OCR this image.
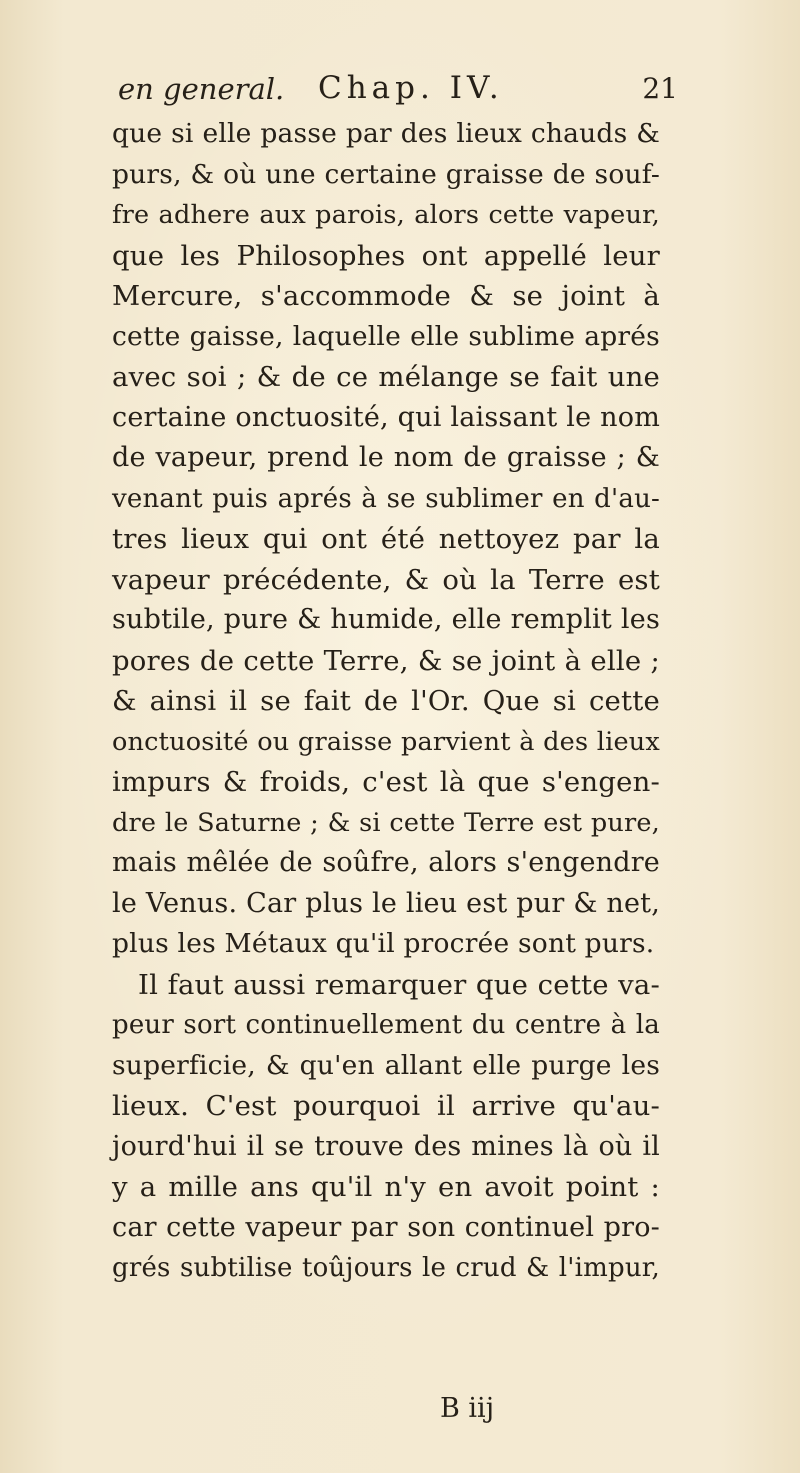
en general. Chap. IV.	21
que si elle passe par des lieux chauds &
purs, & où une certaine graisse de souf-
fre adhere aux parois, alors cette vapeur,
que les Philosophes ont appellé leur
Mercure, s'accommode & se joint à
cette gaisse, laquelle elle sublime aprés
avec soi ; & de ce mélange se fait une
certaine onctuosité, qui laissant le nom
de vapeur, prend le nom de graisse ; &
venant puis aprés à se sublimer en d'au-
tres lieux qui ont été nettoyez par la
vapeur précédente, & où la Terre est
subtile, pure & humide, elle remplit les
pores de cette Terre, & se joint à elle ;
& ainsi il se fait de l'Or. Que si cette
onctuosité ou graisse parvient à des lieux
impurs & froids, c'est là que s'engen-
dre le Saturne ; & si cette Terre est pure,
mais mêlée de soûfre, alors s'engendre
le Venus. Car plus le lieu est pur & net,
plus les Métaux qu'il procrée sont purs.
Il faut aussi remarquer que cette va-
peur sort continuellement du centre à la
superficie, & qu'en allant elle purge les
lieux. C'est pourquoi il arrive qu'au-
jourd'hui il se trouve des mines là où il
y a mille ans qu'il n'y en avoit point :
car cette vapeur par son continuel pro-
grés subtilise toûjours le crud & l'impur,
B iij
